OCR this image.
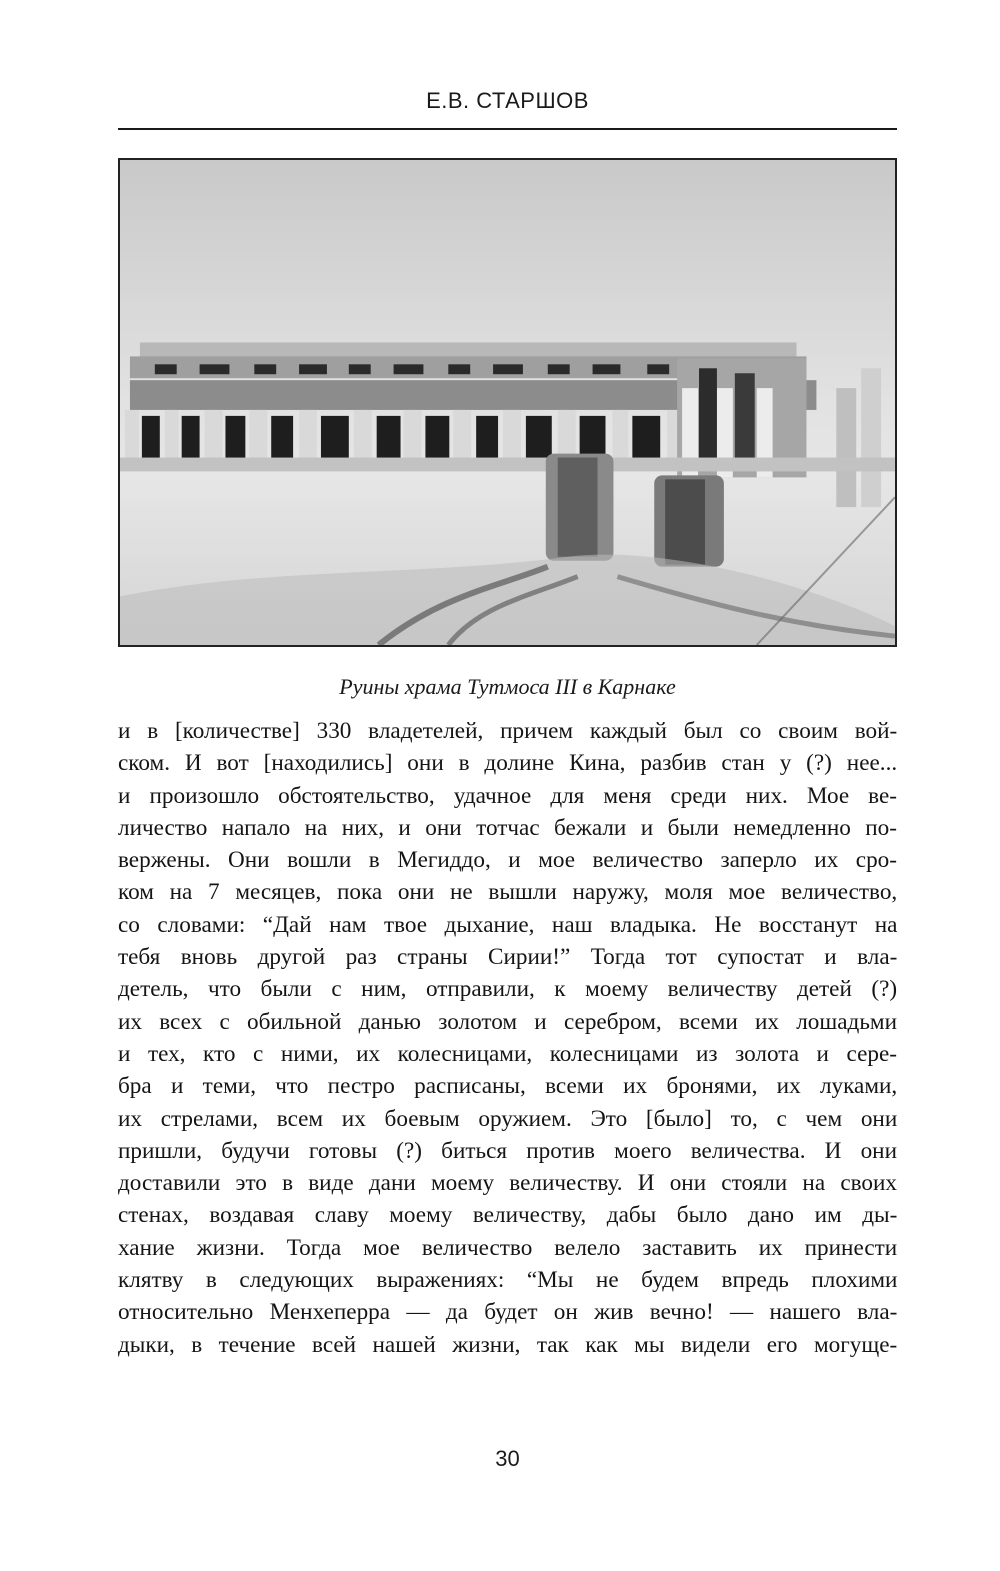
Е.В. СТАРШОВ
Руины храма Тутмоса III в Карнаке
и в [количестве] 330 владетелей, причем каждый был со своим вой-
ском. И вот [находились] они в долине Кина, разбив стан у (?) нее...
и произошло обстоятельство, удачное для меня среди них. Мое ве-
личество напало на них, и они тотчас бежали и были немедленно по-
вержены. Они вошли в Мегиддо, и мое величество заперло их сро-
ком на 7 месяцев, пока они не вышли наружу, моля мое величество,
со словами: “Дай нам твое дыхание, наш владыка. Не восстанут на
тебя вновь другой раз страны Сирии!” Тогда тот супостат и вла-
детель, что были с ним, отправили, к моему величеству детей (?)
их всех с обильной данью золотом и серебром, всеми их лошадьми
и тех, кто с ними, их колесницами, колесницами из золота и сере-
бра и теми, что пестро расписаны, всеми их бронями, их луками,
их стрелами, всем их боевым оружием. Это [было] то, с чем они
пришли, будучи готовы (?) биться против моего величества. И они
доставили это в виде дани моему величеству. И они стояли на своих
стенах, воздавая славу моему величеству, дабы было дано им ды-
хание жизни. Тогда мое величество велело заставить их принести
клятву в следующих выражениях: “Мы не будем впредь плохими
относительно Менхеперра — да будет он жив вечно! — нашего вла-
дыки, в течение всей нашей жизни, так как мы видели его могуще-
30
